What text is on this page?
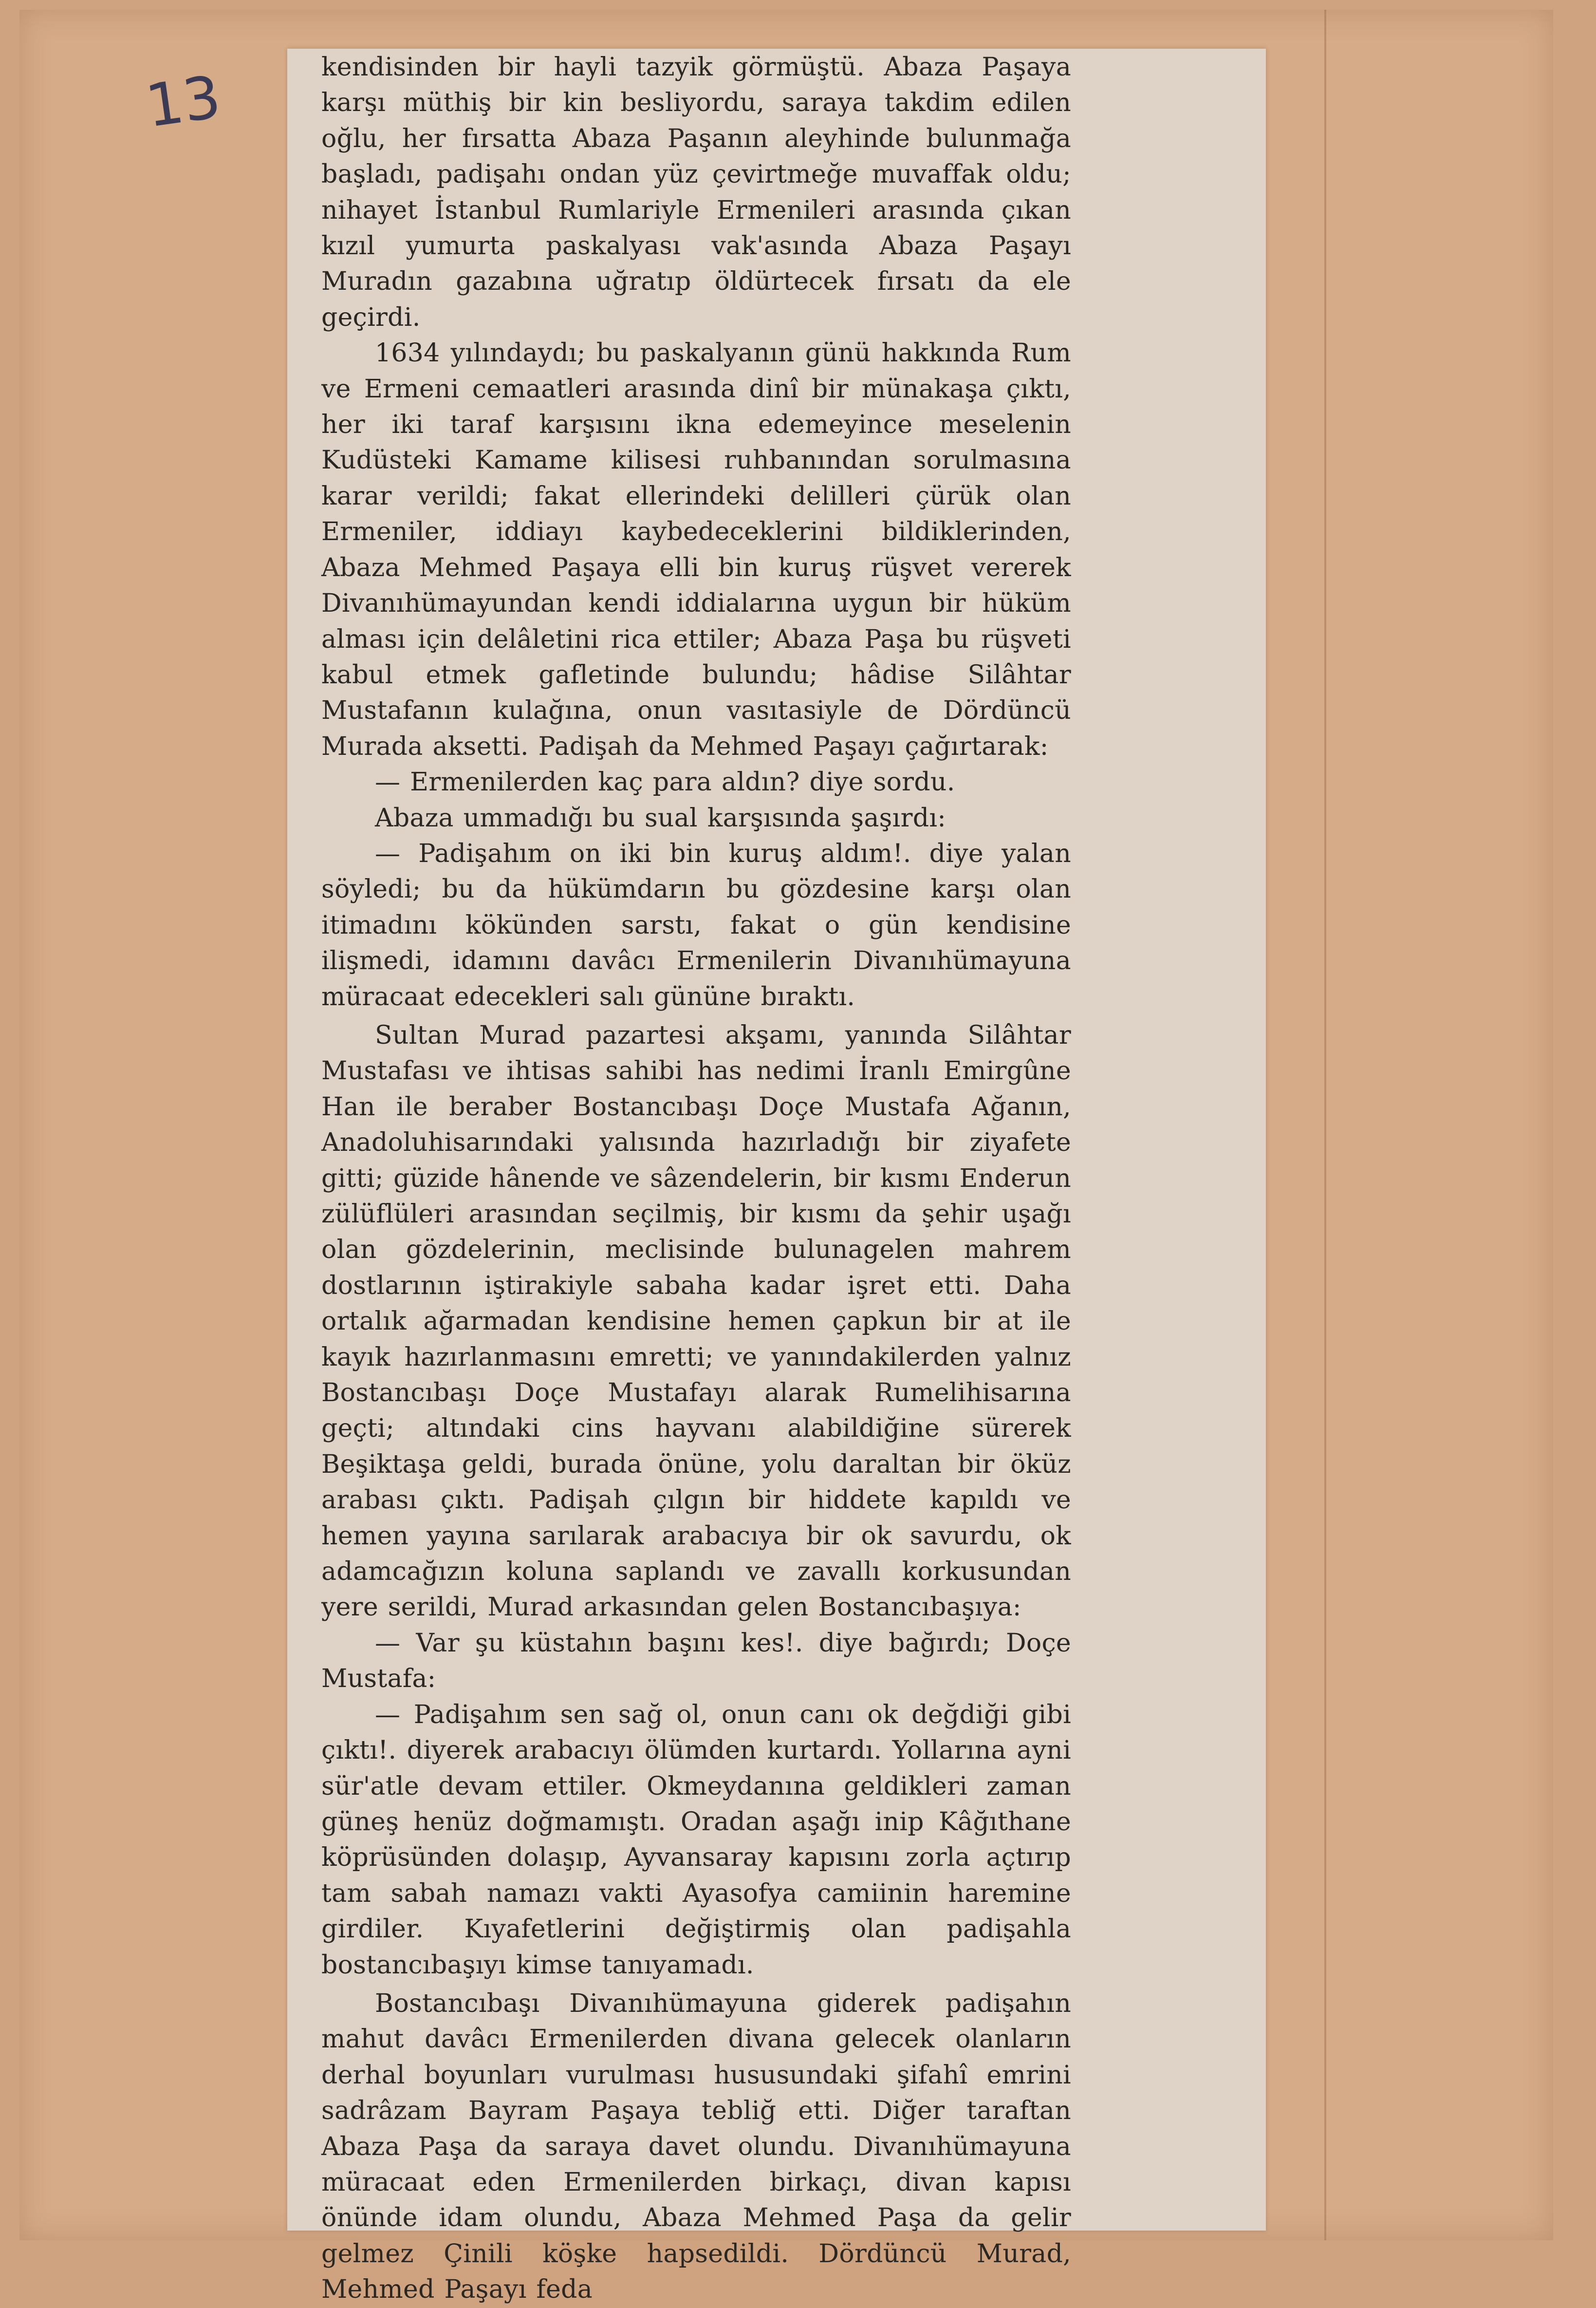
13	kendisinden bir hayli tazyik görmüştü. Abaza Paşaya karşı müthiş bir kin besliyordu, saraya takdim edilen oğlu, her fırsatta Abaza Paşanın aleyhinde bulunmağa başladı, padişahı ondan yüz çevirtmeğe muvaffak oldu; nihayet İstanbul Rumlariyle Ermenileri arasında çıkan kızıl yumurta paskalyası vak'asında Abaza Paşayı Muradın gazabına uğratıp öldürtecek fırsatı da ele geçirdi.

1634 yılındaydı; bu paskalyanın günü hakkında Rum ve Ermeni cemaatleri arasında dinî bir münakaşa çıktı, her iki taraf karşısını ikna edemeyince meselenin Kudüsteki Kamame kilisesi ruhbanından sorulmasına karar verildi; fakat ellerindeki delilleri çürük olan Ermeniler, iddiayı kaybedeceklerini bildiklerinden, Abaza Mehmed Paşaya elli bin kuruş rüşvet vererek Divanıhümayundan kendi iddialarına uygun bir hüküm alması için delâletini rica ettiler; Abaza Paşa bu rüşveti kabul etmek gafletinde bulundu; hâdise Silâhtar Mustafanın kulağına, onun vasıtasiyle de Dördüncü Murada aksetti. Padişah da Mehmed Paşayı çağırtarak:

— Ermenilerden kaç para aldın? diye sordu.

Abaza ummadığı bu sual karşısında şaşırdı:

— Padişahım on iki bin kuruş aldım!. diye yalan söyledi; bu da hükümdarın bu gözdesine karşı olan itimadını kökünden sarstı, fakat o gün kendisine ilişmedi, idamını davâcı Ermenilerin Divanıhümayuna müracaat edecekleri salı gününe bıraktı.

Sultan Murad pazartesi akşamı, yanında Silâhtar Mustafası ve ihtisas sahibi has nedimi İranlı Emirgûne Han ile beraber Bostancıbaşı Doçe Mustafa Ağanın, Anadoluhisarındaki yalısında hazırladığı bir ziyafete gitti; güzide hânende ve sâzendelerin, bir kısmı Enderun zülüflüleri arasından seçilmiş, bir kısmı da şehir uşağı olan gözdelerinin, meclisinde bulunagelen mahrem dostlarının iştirakiyle sabaha kadar işret etti. Daha ortalık ağarmadan kendisine hemen çapkun bir at ile kayık hazırlanmasını emretti; ve yanındakilerden yalnız Bostancıbaşı Doçe Mustafayı alarak Rumelihisarına geçti; altındaki cins hayvanı alabildiğine sürerek Beşiktaşa geldi, burada önüne, yolu daraltan bir öküz arabası çıktı. Padişah çılgın bir hiddete kapıldı ve hemen yayına sarılarak arabacıya bir ok savurdu, ok adamcağızın koluna saplandı ve zavallı korkusundan yere serildi, Murad arkasından gelen Bostancıbaşıya:

— Var şu küstahın başını kes!. diye bağırdı; Doçe Mustafa:

— Padişahım sen sağ ol, onun canı ok değdiği gibi çıktı!. diyerek arabacıyı ölümden kurtardı. Yollarına ayni sür'atle devam ettiler. Okmeydanına geldikleri zaman güneş henüz doğmamıştı. Oradan aşağı inip Kâğıthane köprüsünden dolaşıp, Ayvansaray kapısını zorla açtırıp tam sabah namazı vakti Ayasofya camiinin haremine girdiler. Kıyafetlerini değiştirmiş olan padişahla bostancıbaşıyı kimse tanıyamadı.

Bostancıbaşı Divanıhümayuna giderek padişahın mahut davâcı Ermenilerden divana gelecek olanların derhal boyunları vurulması hususundaki şifahî emrini sadrâzam Bayram Paşaya tebliğ etti. Diğer taraftan Abaza Paşa da saraya davet olundu. Divanıhümayuna müracaat eden Ermenilerden birkaçı, divan kapısı önünde idam olundu, Abaza Mehmed Paşa da gelir gelmez Çinili köşke hapsedildi. Dördüncü Murad, Mehmed Paşayı feda
